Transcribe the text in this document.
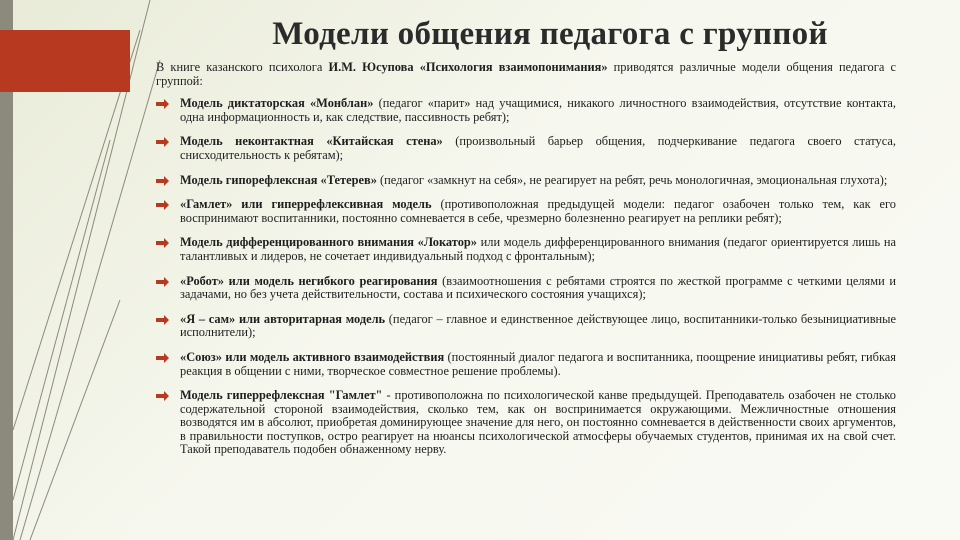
Модели общения педагога с группой

В книге казанского психолога И.М. Юсупова «Психология взаимопонимания» приводятся различные модели общения педагога с группой:

Модель диктаторская «Монблан» (педагог «парит» над учащимися, никакого личностного взаимодействия, отсутствие контакта, одна информационность и, как следствие, пассивность ребят);
Модель неконтактная «Китайская стена» (произвольный барьер общения, подчеркивание педагога своего статуса, снисходительность к ребятам);
Модель гипорефлексная «Тетерев» (педагог «замкнут на себя», не реагирует на ребят, речь монологичная, эмоциональная глухота);
«Гамлет» или гиперрефлексивная модель (противоположная предыдущей модели: педагог озабочен только тем, как его воспринимают воспитанники, постоянно сомневается в себе, чрезмерно болезненно реагирует на реплики ребят);
Модель дифференцированного внимания «Локатор» или модель дифференцированного внимания (педагог ориентируется лишь на талантливых и лидеров, не сочетает индивидуальный подход с фронтальным);
«Робот» или модель негибкого реагирования (взаимоотношения с ребятами строятся по жесткой программе с четкими целями и задачами, но без учета действительности, состава и психического состояния учащихся);
«Я – сам» или авторитарная модель (педагог – главное и единственное действующее лицо, воспитанники-только безынициативные исполнители);
«Союз» или модель активного взаимодействия (постоянный диалог педагога и воспитанника, поощрение инициативы ребят, гибкая реакция в общении с ними, творческое совместное решение проблемы).
Модель гиперрефлексная "Гамлет" - противоположна по психологической канве предыдущей. Преподаватель озабочен не столько содержательной стороной взаимодействия, сколько тем, как он воспринимается окружающими. Межличностные отношения возводятся им в абсолют, приобретая доминирующее значение для него, он постоянно сомневается в действенности своих аргументов, в правильности поступков, остро реагирует на нюансы психологической атмосферы обучаемых студентов, принимая их на свой счет. Такой преподаватель подобен обнаженному нерву.
